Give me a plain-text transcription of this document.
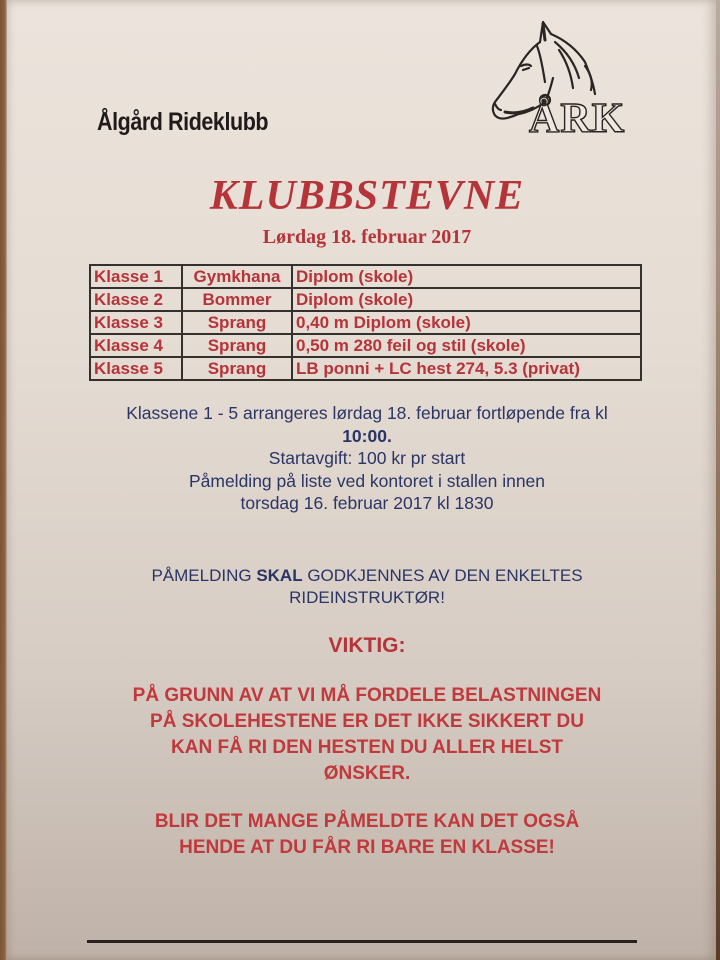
ÅRK
Ålgård Rideklubb
KLUBBSTEVNE
Lørdag 18. februar 2017
Klasse 1	Gymkhana	Diplom (skole)
Klasse 2	Bommer	Diplom (skole)
Klasse 3	Sprang	0,40 m Diplom (skole)
Klasse 4	Sprang	0,50 m 280 feil og stil (skole)
Klasse 5	Sprang	LB ponni + LC hest 274, 5.3 (privat)
Klassene 1 - 5 arrangeres lørdag 18. februar fortløpende fra kl
10:00.
Startavgift: 100 kr pr start
Påmelding på liste ved kontoret i stallen innen
torsdag 16. februar 2017 kl 1830
PÅMELDING SKAL GODKJENNES AV DEN ENKELTES
RIDEINSTRUKTØR!
VIKTIG:
PÅ GRUNN AV AT VI MÅ FORDELE BELASTNINGEN
PÅ SKOLEHESTENE ER DET IKKE SIKKERT DU
KAN FÅ RI DEN HESTEN DU ALLER HELST
ØNSKER.
BLIR DET MANGE PÅMELDTE KAN DET OGSÅ
HENDE AT DU FÅR RI BARE EN KLASSE!
